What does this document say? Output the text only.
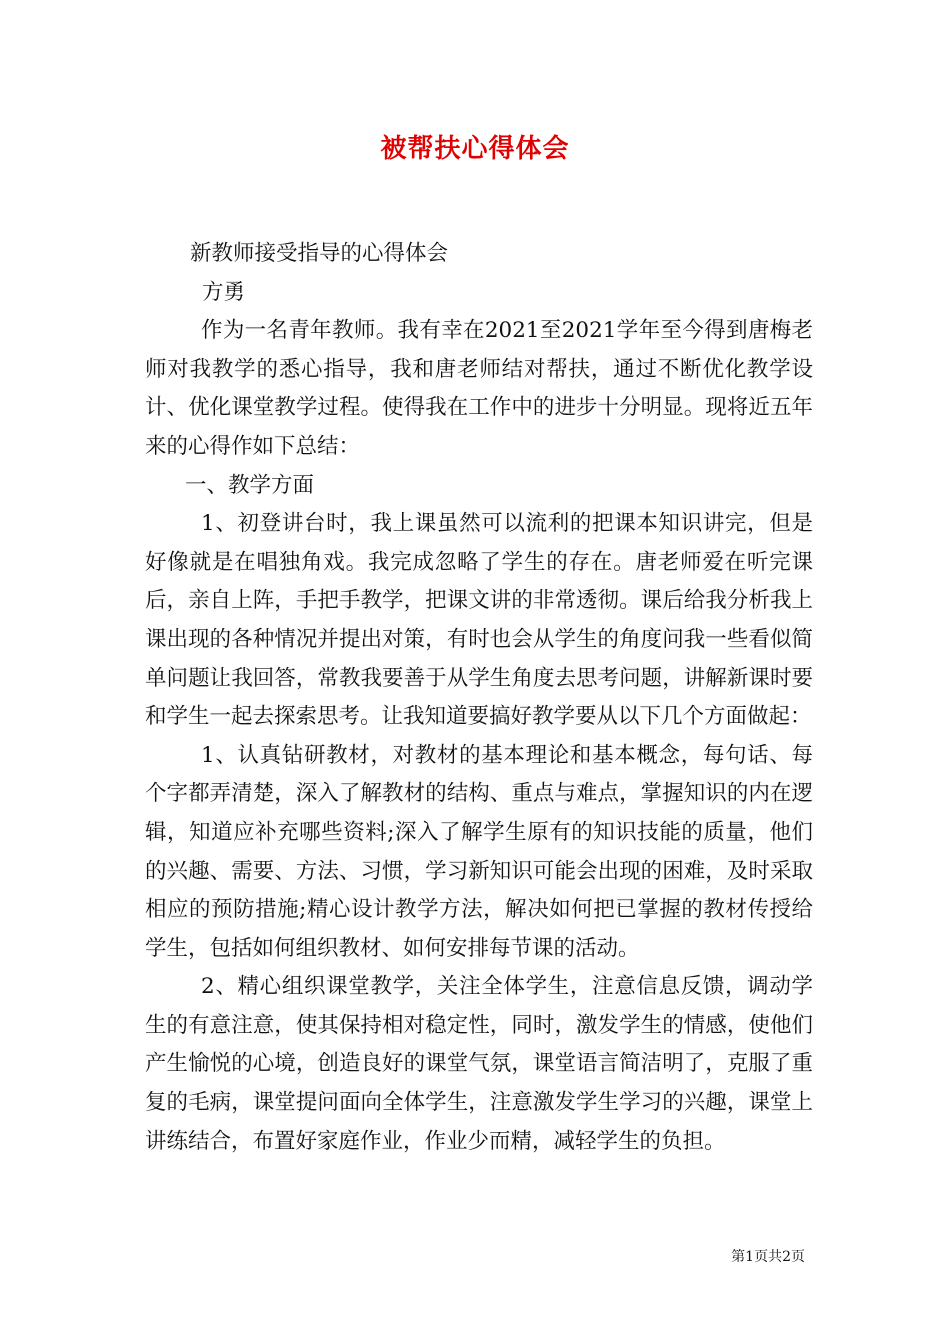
被帮扶心得体会

新教师接受指导的心得体会

方勇

作为一名青年教师。我有幸在2021至2021学年至今得到唐梅老师对我教学的悉心指导，我和唐老师结对帮扶，通过不断优化教学设计、优化课堂教学过程。使得我在工作中的进步十分明显。现将近五年来的心得作如下总结：

一、教学方面

1、初登讲台时，我上课虽然可以流利的把课本知识讲完，但是好像就是在唱独角戏。我完成忽略了学生的存在。唐老师爱在听完课后，亲自上阵，手把手教学，把课文讲的非常透彻。课后给我分析我上课出现的各种情况并提出对策，有时也会从学生的角度问我一些看似简单问题让我回答，常教我要善于从学生角度去思考问题，讲解新课时要和学生一起去探索思考。让我知道要搞好教学要从以下几个方面做起：

1、认真钻研教材，对教材的基本理论和基本概念，每句话、每个字都弄清楚，深入了解教材的结构、重点与难点，掌握知识的内在逻辑，知道应补充哪些资料;深入了解学生原有的知识技能的质量，他们的兴趣、需要、方法、习惯，学习新知识可能会出现的困难，及时采取相应的预防措施;精心设计教学方法，解决如何把已掌握的教材传授给学生，包括如何组织教材、如何安排每节课的活动。

2、精心组织课堂教学，关注全体学生，注意信息反馈，调动学生的有意注意，使其保持相对稳定性，同时，激发学生的情感，使他们产生愉悦的心境，创造良好的课堂气氛，课堂语言简洁明了，克服了重复的毛病，课堂提问面向全体学生，注意激发学生学习的兴趣，课堂上讲练结合，布置好家庭作业，作业少而精，减轻学生的负担。

第1页共2页
